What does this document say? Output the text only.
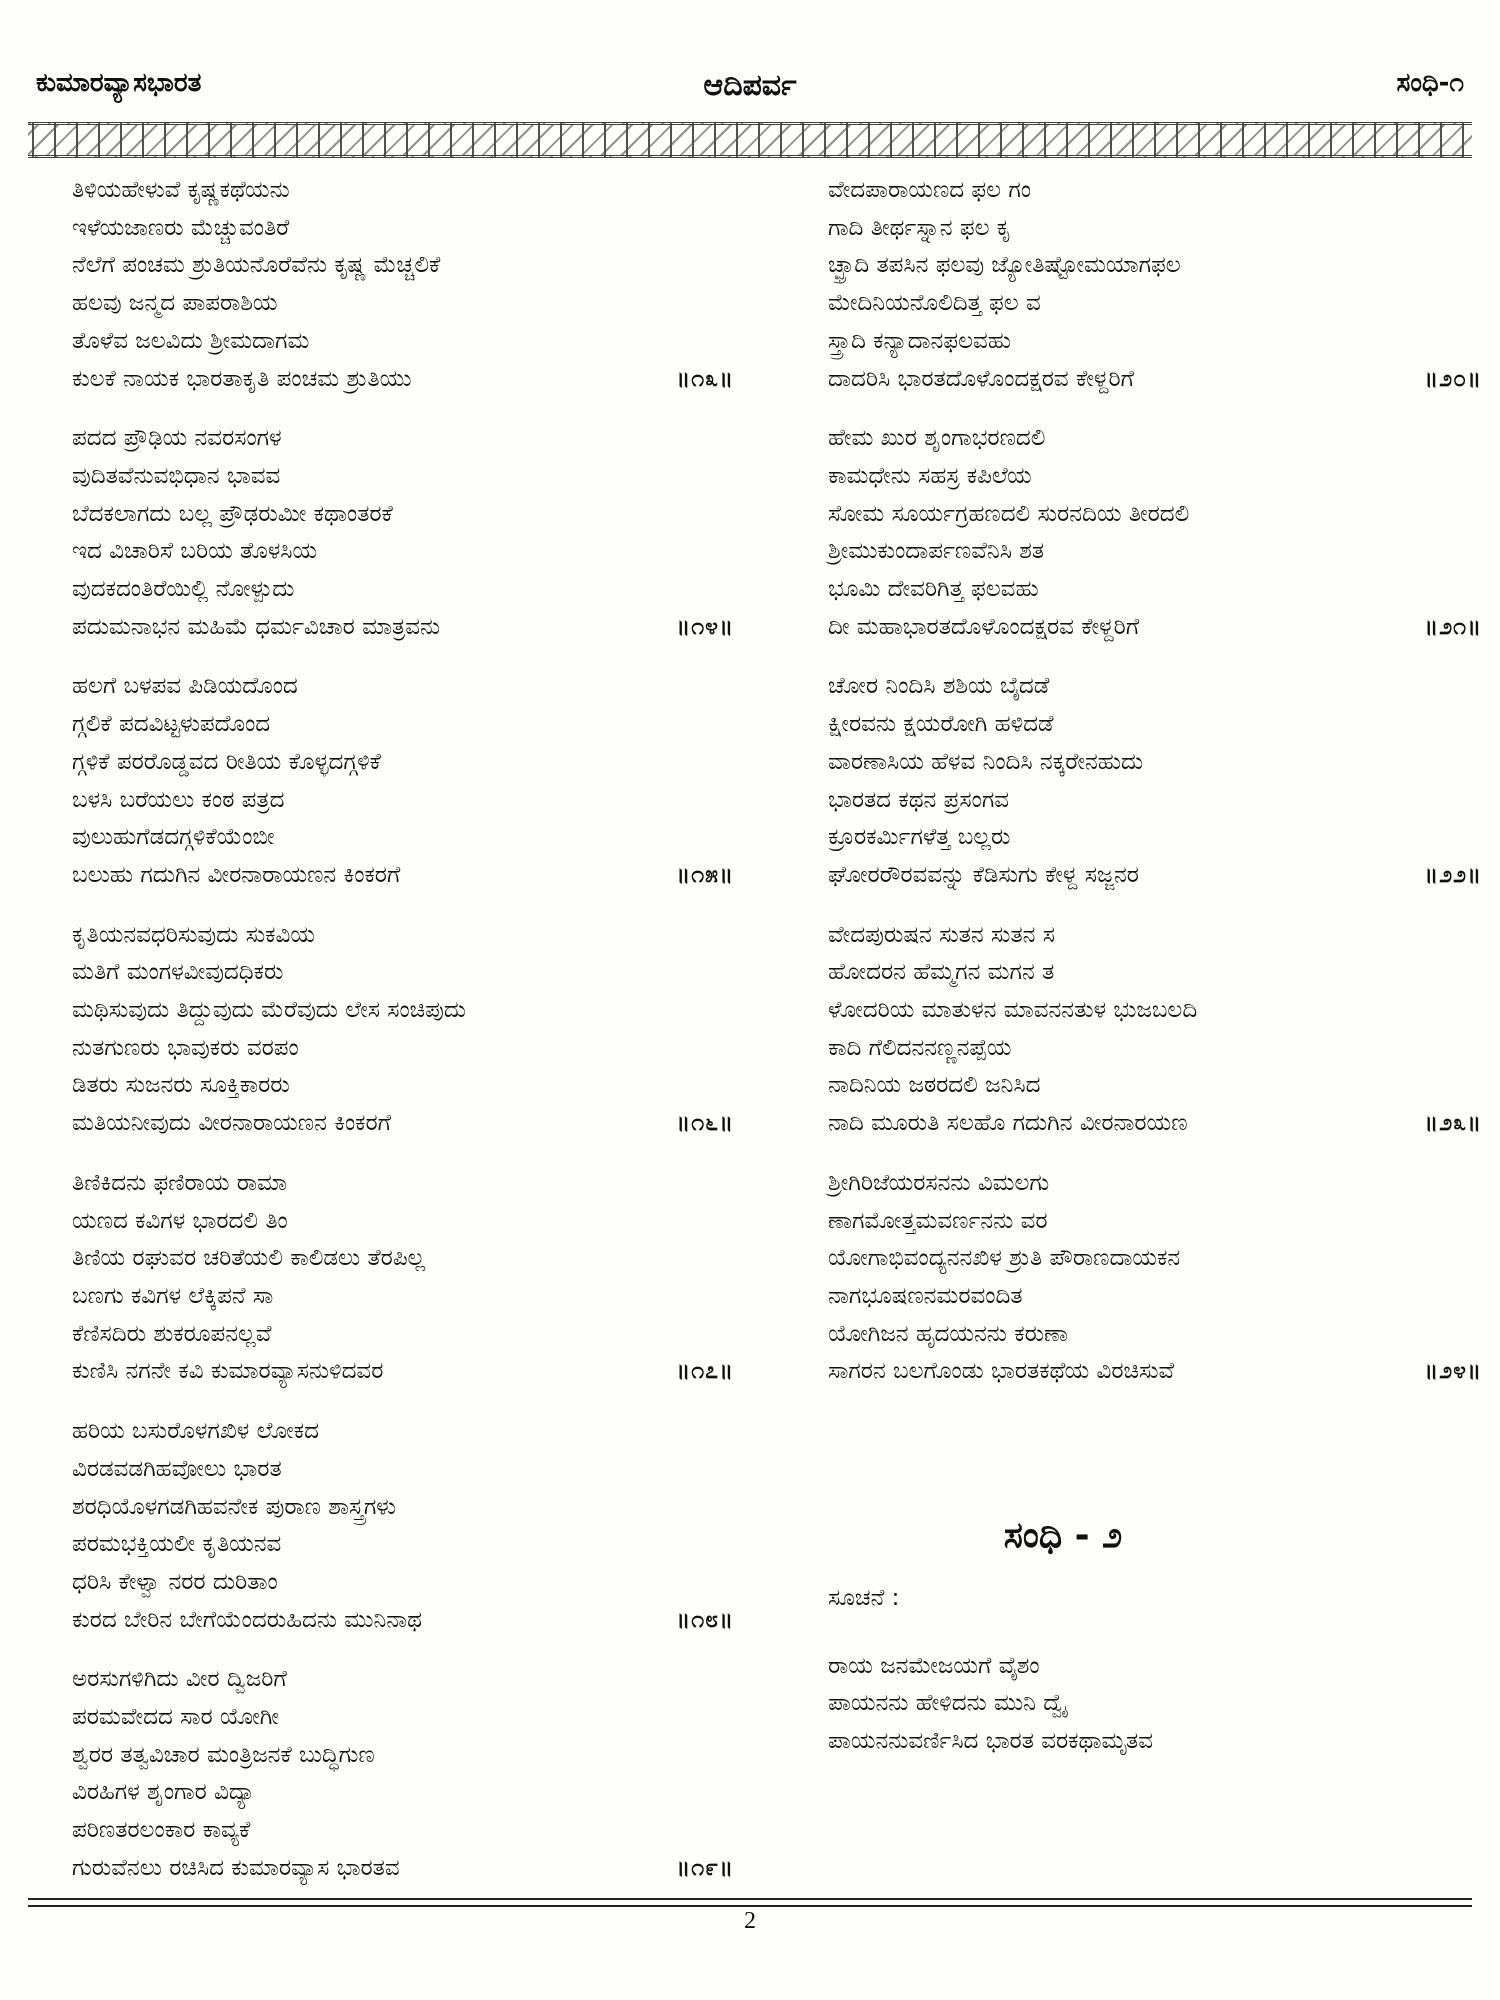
ಕುಮಾರವ್ಯಾಸಭಾರತ	ಆದಿಪರ್ವ	ಸಂಧಿ-೧
ತಿಳಿಯಹೇಳುವೆ ಕೃಷ್ಣಕಥೆಯನು
ಇಳೆಯಜಾಣರು ಮೆಚ್ಚುವಂತಿರೆ
ನೆಲೆಗೆ ಪಂಚಮ ಶ್ರುತಿಯನೊರೆವೆನು ಕೃಷ್ಣ ಮೆಚ್ಚಲಿಕೆ
ಹಲವು ಜನ್ಮದ ಪಾಪರಾಶಿಯ
ತೊಳೆವ ಜಲವಿದು ಶ್ರೀಮದಾಗಮ
ಕುಲಕೆ ನಾಯಕ ಭಾರತಾಕೃತಿ ಪಂಚಮ ಶ್ರುತಿಯು	॥೧೩॥
ಪದದ ಪ್ರೌಢಿಯ ನವರಸಂಗಳ
ವುದಿತವೆನುವಭಿಧಾನ ಭಾವವ
ಬೆದಕಲಾಗದು ಬಲ್ಲ ಪ್ರೌಢರುಮೀ ಕಥಾಂತರಕೆ
ಇದ ವಿಚಾರಿಸೆ ಬರಿಯ ತೊಳಸಿಯ
ವುದಕದಂತಿರೆಯಿಲ್ಲಿ ನೋಳ್ಪುದು
ಪದುಮನಾಭನ ಮಹಿಮೆ ಧರ್ಮವಿಚಾರ ಮಾತ್ರವನು	॥೧೪॥
ಹಲಗೆ ಬಳಪವ ಪಿಡಿಯದೊಂದ
ಗ್ಗಲಿಕೆ ಪದವಿಟ್ಟಳುಪದೊಂದ
ಗ್ಗಳಿಕೆ ಪರರೊಡ್ಡವದ ರೀತಿಯ ಕೊಳ್ಳದಗ್ಗಳಿಕೆ
ಬಳಸಿ ಬರೆಯಲು ಕಂಠ ಪತ್ರದ
ವುಲುಹುಗೆಡದಗ್ಗಳಿಕೆಯೆಂಬೀ
ಬಲುಹು ಗದುಗಿನ ವೀರನಾರಾಯಣನ ಕಿಂಕರಗೆ	॥೧೫॥
ಕೃತಿಯನವಧರಿಸುವುದು ಸುಕವಿಯ
ಮತಿಗೆ ಮಂಗಳವೀವುದಧಿಕರು
ಮಥಿಸುವುದು ತಿದ್ದುವುದು ಮೆರೆವುದು ಲೇಸ ಸಂಚಿಪುದು
ನುತಗುಣರು ಭಾವುಕರು ವರಪಂ
ಡಿತರು ಸುಜನರು ಸೂಕ್ತಿಕಾರರು
ಮತಿಯನೀವುದು ವೀರನಾರಾಯಣನ ಕಿಂಕರಗೆ	॥೧೬॥
ತಿಣಿಕಿದನು ಫಣಿರಾಯ ರಾಮಾ
ಯಣದ ಕವಿಗಳ ಭಾರದಲಿ ತಿಂ
ತಿಣಿಯ ರಘುವರ ಚರಿತೆಯಲಿ ಕಾಲಿಡಲು ತೆರಪಿಲ್ಲ
ಬಣಗು ಕವಿಗಳ ಲೆಕ್ಕಿಪನೆ ಸಾ
ಕೆಣಿಸದಿರು ಶುಕರೂಪನಲ್ಲವೆ
ಕುಣಿಸಿ ನಗನೇ ಕವಿ ಕುಮಾರವ್ಯಾಸನುಳಿದವರ	॥೧೭॥
ಹರಿಯ ಬಸುರೊಳಗಖಿಳ ಲೋಕದ
ವಿರಡವಡಗಿಹವೋಲು ಭಾರತ
ಶರಧಿಯೊಳಗಡಗಿಹವನೇಕ ಪುರಾಣ ಶಾಸ್ತ್ರಗಳು
ಪರಮಭಕ್ತಿಯಲೀ ಕೃತಿಯನವ
ಧರಿಸಿ ಕೇಳ್ವಾ ನರರ ದುರಿತಾಂ
ಕುರದ ಬೇರಿನ ಬೇಗೆಯೆಂದರುಹಿದನು ಮುನಿನಾಥ	॥೧೮॥
ಅರಸುಗಳಿಗಿದು ವೀರ ದ್ವಿಜರಿಗೆ
ಪರಮವೇದದ ಸಾರ ಯೋಗೀ
ಶ್ವರರ ತತ್ವವಿಚಾರ ಮಂತ್ರಿಜನಕೆ ಬುದ್ಧಿಗುಣ
ವಿರಹಿಗಳ ಶೃಂಗಾರ ವಿದ್ಯಾ
ಪರಿಣತರಲಂಕಾರ ಕಾವ್ಯಕೆ
ಗುರುವೆನಲು ರಚಿಸಿದ ಕುಮಾರವ್ಯಾಸ ಭಾರತವ	॥೧೯॥
ವೇದಪಾರಾಯಣದ ಫಲ ಗಂ
ಗಾದಿ ತೀರ್ಥಸ್ನಾನ ಫಲ ಕೃ
ಚ್ಛ್ರಾದಿ ತಪಸಿನ ಫಲವು ಜ್ಯೋತಿಷ್ಟೋಮಯಾಗಫಲ
ಮೇದಿನಿಯನೊಲಿದಿತ್ತ ಫಲ ವ
ಸ್ತ್ರಾದಿ ಕನ್ಯಾದಾನಫಲವಹು
ದಾದರಿಸಿ ಭಾರತದೊಳೊಂದಕ್ಷರವ ಕೇಳ್ದರಿಗೆ	॥೨೦॥
ಹೇಮ ಖುರ ಶೃಂಗಾಭರಣದಲಿ
ಕಾಮಧೇನು ಸಹಸ್ರ ಕಪಿಲೆಯ
ಸೋಮ ಸೂರ್ಯಗ್ರಹಣದಲಿ ಸುರನದಿಯ ತೀರದಲಿ
ಶ್ರೀಮುಕುಂದಾರ್ಪಣವೆನಿಸಿ ಶತ
ಭೂಮಿ ದೇವರಿಗಿತ್ತ ಫಲವಹು
ದೀ ಮಹಾಭಾರತದೊಳೊಂದಕ್ಷರವ ಕೇಳ್ದರಿಗೆ	॥೨೧॥
ಚೋರ ನಿಂದಿಸಿ ಶಶಿಯ ಬೈದಡೆ
ಕ್ಷೀರವನು ಕ್ಷಯರೋಗಿ ಹಳಿದಡೆ
ವಾರಣಾಸಿಯ ಹೆಳವ ನಿಂದಿಸಿ ನಕ್ಕರೇನಹುದು
ಭಾರತದ ಕಥನ ಪ್ರಸಂಗವ
ಕ್ರೂರಕರ್ಮಿಗಳೆತ್ತ ಬಲ್ಲರು
ಘೋರರೌರವವನ್ನು ಕೆಡಿಸುಗು ಕೇಳ್ದ ಸಜ್ಜನರ	॥೨೨॥
ವೇದಪುರುಷನ ಸುತನ ಸುತನ ಸ
ಹೋದರನ ಹೆಮ್ಮಗನ ಮಗನ ತ
ಳೋದರಿಯ ಮಾತುಳನ ಮಾವನನತುಳ ಭುಜಬಲದಿ
ಕಾದಿ ಗೆಲಿದನನಣ್ಣನಪ್ಪೆಯ
ನಾದಿನಿಯ ಜಠರದಲಿ ಜನಿಸಿದ
ನಾದಿ ಮೂರುತಿ ಸಲಹೊ ಗದುಗಿನ ವೀರನಾರಯಣ	॥೨೩॥
ಶ್ರೀಗಿರಿಜೆಯರಸನನು ವಿಮಲಗು
ಣಾಗಮೋತ್ತಮವರ್ಣನನು ವರ
ಯೋಗಾಭಿವಂದ್ಯನನಖಿಳ ಶ್ರುತಿ ಪೌರಾಣದಾಯಕನ
ನಾಗಭೂಷಣನಮರವಂದಿತ
ಯೋಗಿಜನ ಹೃದಯನನು ಕರುಣಾ
ಸಾಗರನ ಬಲಗೊಂಡು ಭಾರತಕಥೆಯ ವಿರಚಿಸುವೆ	॥೨೪॥
ಸಂಧಿ - ೨
ಸೂಚನೆ :
ರಾಯ ಜನಮೇಜಯಗೆ ವೈಶಂ
ಪಾಯನನು ಹೇಳಿದನು ಮುನಿ ದ್ವೈ
ಪಾಯನನುವರ್ಣಿಸಿದ ಭಾರತ ವರಕಥಾಮೃತವ
2
